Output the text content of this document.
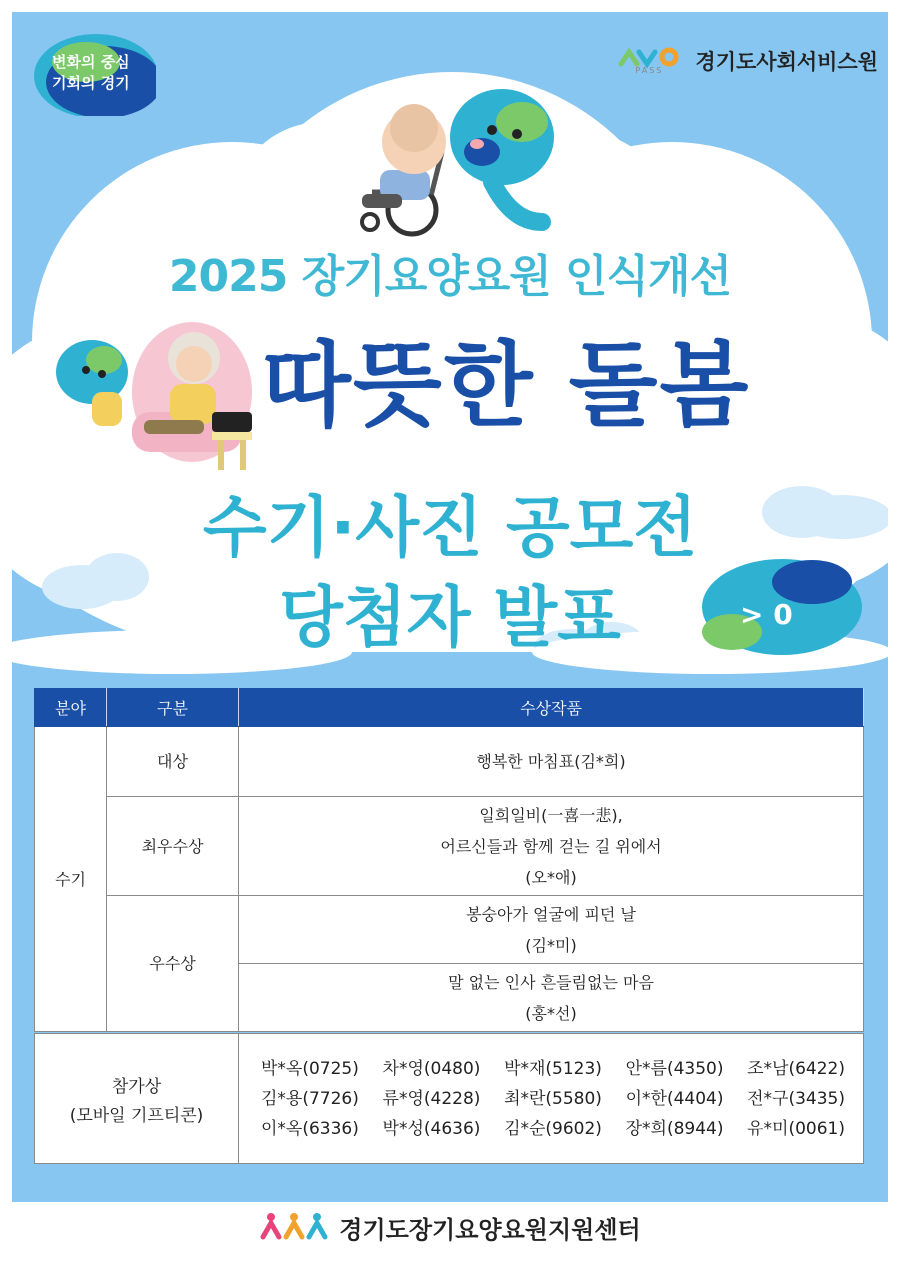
변화의 중심
기회의 경기
PASS 경기도사회서비스원
> 0
2025 장기요양요원 인식개선
따뜻한 돌봄
수기·사진 공모전
당첨자 발표
분야	구분	수상작품
수기	대상	행복한 마침표(김*희)

	최우수상	일희일비(一喜一悲),
어르신들과 함께 걷는 길 위에서
(오*애)

	우수상	봉숭아가 얼굴에 피던 날
(김*미)

		말 없는 인사 흔들림없는 마음
(홍*선)
참가상
(모바일 기프티콘)

박*옥(0725) 차*영(0480) 박*재(5123) 안*름(4350) 조*남(6422)
김*용(7726) 류*영(4228) 최*란(5580) 이*한(4404) 전*구(3435)
이*옥(6336) 박*성(4636) 김*순(9602) 장*희(8944) 유*미(0061)
경기도장기요양요원지원센터
